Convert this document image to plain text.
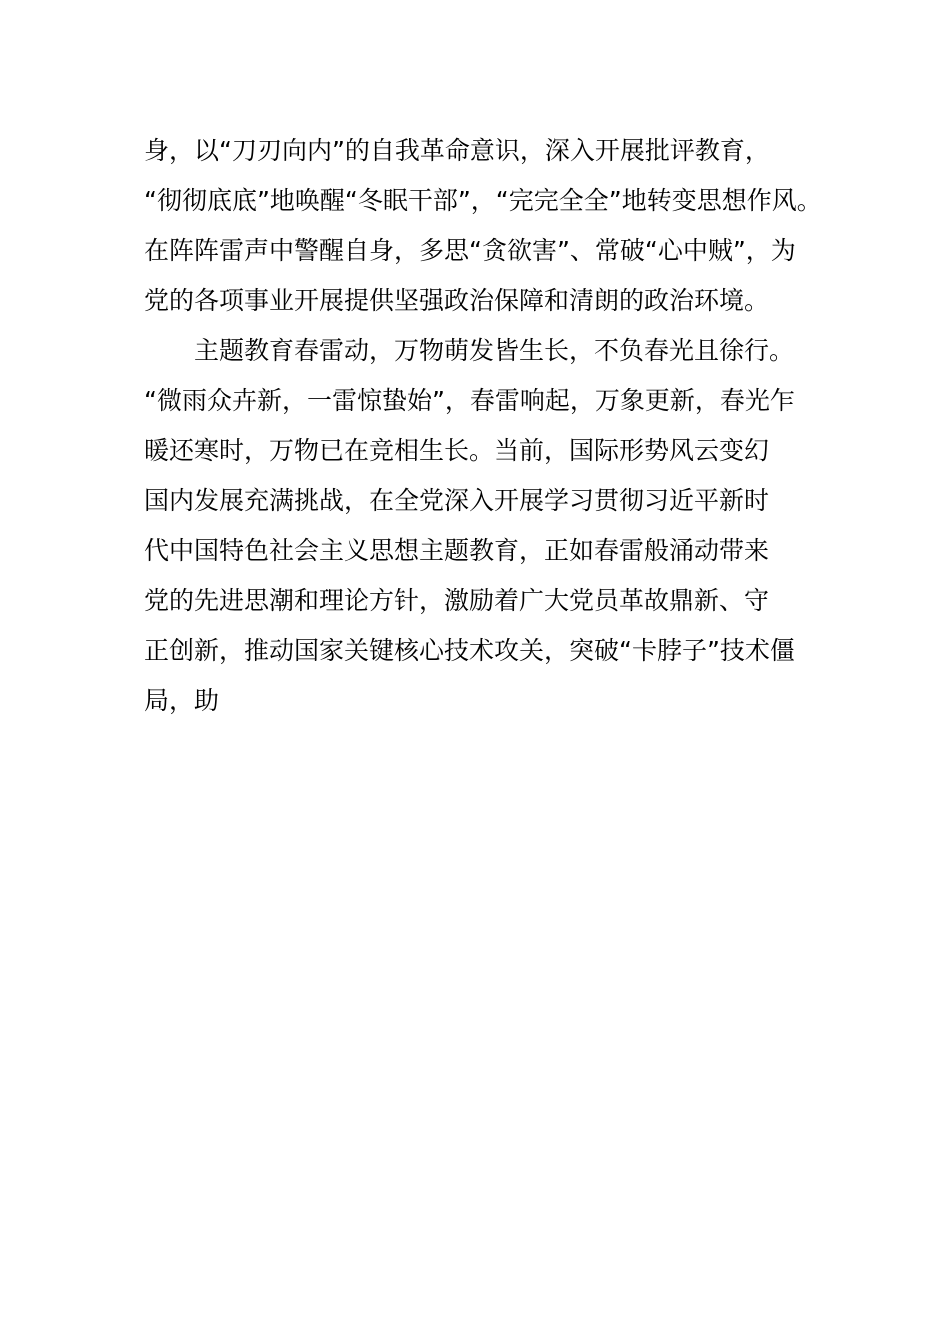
身，以“刀刃向内”的自我革命意识，深入开展批评教育，
“彻彻底底”地唤醒“冬眠干部”，“完完全全”地转变思想作风。
在阵阵雷声中警醒自身，多思“贪欲害”、常破“心中贼”，为
党的各项事业开展提供坚强政治保障和清朗的政治环境。
　　主题教育春雷动，万物萌发皆生长，不负春光且徐行。
“微雨众卉新，一雷惊蛰始”，春雷响起，万象更新，春光乍
暖还寒时，万物已在竞相生长。当前，国际形势风云变幻
国内发展充满挑战，在全党深入开展学习贯彻习近平新时
代中国特色社会主义思想主题教育，正如春雷般涌动带来
党的先进思潮和理论方针，激励着广大党员革故鼎新、守
正创新，推动国家关键核心技术攻关，突破“卡脖子”技术僵
局，助
